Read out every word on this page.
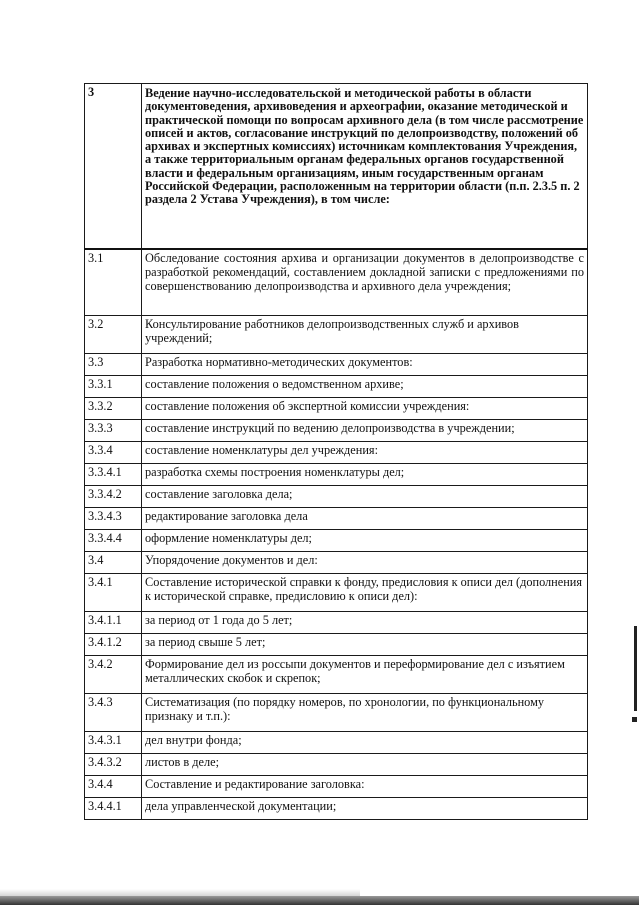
3	Ведение научно-исследовательской и методической работы в области документоведения, архивоведения и археографии, оказание методической и практической помощи по вопросам архивного дела (в том числе рассмотрение описей и актов, согласование инструкций по делопроизводству, положений об архивах и экспертных комиссиях) источникам комплектования Учреждения, а также территориальным органам федеральных органов государственной власти и федеральным организациям, иным государственным органам Российской Федерации, расположенным на территории области (п.п. 2.3.5 п. 2 раздела 2 Устава Учреждения), в том числе:
3.1	Обследование состояния архива и организации документов в делопроизводстве с разработкой рекомендаций, составлением докладной записки с предложениями по совершенствованию делопроизводства и архивного дела учреждения;
3.2	Консультирование работников делопроизводственных служб и архивов учреждений;
3.3	Разработка нормативно-методических документов:
3.3.1	составление положения о ведомственном архиве;
3.3.2	составление положения об экспертной комиссии учреждения:
3.3.3	составление инструкций по ведению делопроизводства в учреждении;
3.3.4	составление номенклатуры дел учреждения:
3.3.4.1	разработка схемы построения номенклатуры дел;
3.3.4.2	составление заголовка дела;
3.3.4.3	редактирование заголовка дела
3.3.4.4	оформление номенклатуры дел;
3.4	Упорядочение документов и дел:
3.4.1	Составление исторической справки к фонду, предисловия к описи дел (дополнения к исторической справке, предисловию к описи дел):
3.4.1.1	за период от 1 года до 5 лет;
3.4.1.2	за период свыше 5 лет;
3.4.2	Формирование дел из россыпи документов и переформирование дел с изъятием металлических скобок и скрепок;
3.4.3	Систематизация (по порядку номеров, по хронологии, по функциональному признаку и т.п.):
3.4.3.1	дел внутри фонда;
3.4.3.2	листов в деле;
3.4.4	Составление и редактирование заголовка:
3.4.4.1	дела управленческой документации;
